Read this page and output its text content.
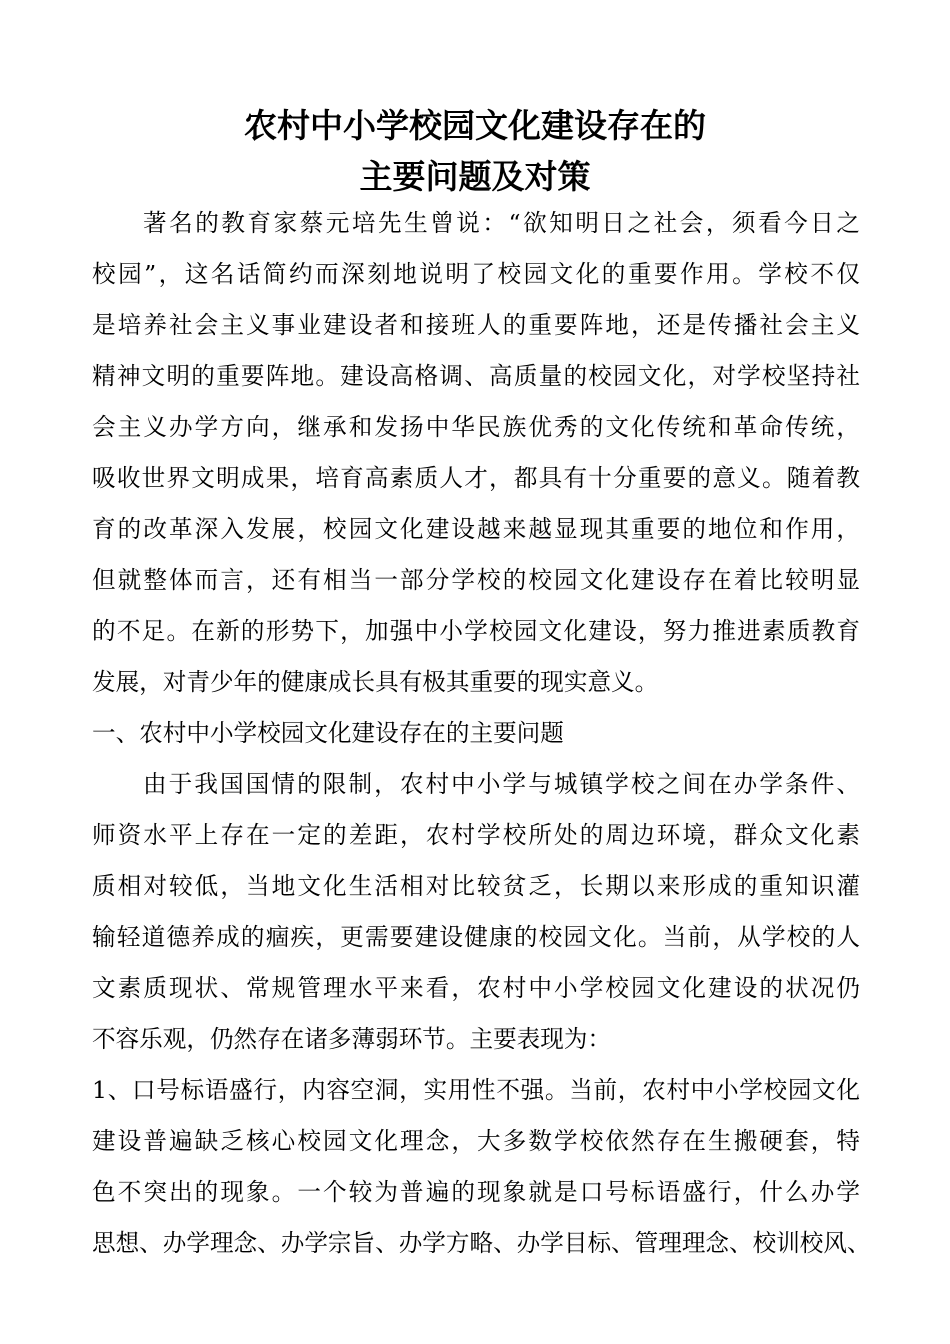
农村中小学校园文化建设存在的
主要问题及对策
著名的教育家蔡元培先生曾说：“欲知明日之社会，须看今日之
校园”，这名话简约而深刻地说明了校园文化的重要作用。学校不仅
是培养社会主义事业建设者和接班人的重要阵地，还是传播社会主义
精神文明的重要阵地。建设高格调、高质量的校园文化，对学校坚持社
会主义办学方向，继承和发扬中华民族优秀的文化传统和革命传统，
吸收世界文明成果，培育高素质人才，都具有十分重要的意义。随着教
育的改革深入发展，校园文化建设越来越显现其重要的地位和作用，
但就整体而言，还有相当一部分学校的校园文化建设存在着比较明显
的不足。在新的形势下，加强中小学校园文化建设，努力推进素质教育
发展，对青少年的健康成长具有极其重要的现实意义。
一、农村中小学校园文化建设存在的主要问题
由于我国国情的限制，农村中小学与城镇学校之间在办学条件、
师资水平上存在一定的差距，农村学校所处的周边环境，群众文化素
质相对较低，当地文化生活相对比较贫乏，长期以来形成的重知识灌
输轻道德养成的痼疾，更需要建设健康的校园文化。当前，从学校的人
文素质现状、常规管理水平来看，农村中小学校园文化建设的状况仍
不容乐观，仍然存在诸多薄弱环节。主要表现为：
1、口号标语盛行，内容空洞，实用性不强。当前，农村中小学校园文化
建设普遍缺乏核心校园文化理念，大多数学校依然存在生搬硬套，特
色不突出的现象。一个较为普遍的现象就是口号标语盛行，什么办学
思想、办学理念、办学宗旨、办学方略、办学目标、管理理念、校训校风、
